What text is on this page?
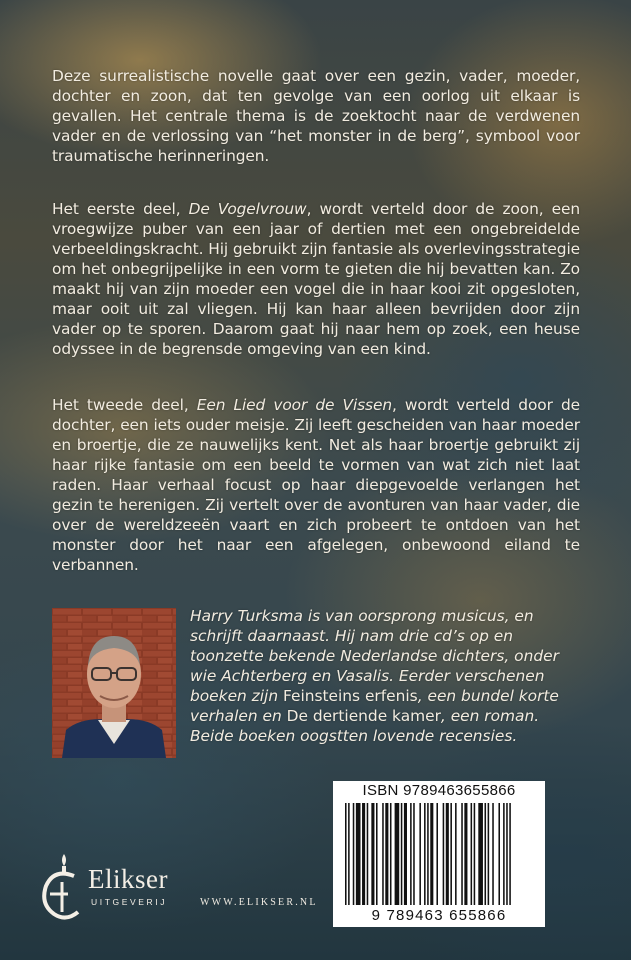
Deze surrealistische novelle gaat over een gezin, vader, moeder, dochter en zoon, dat ten gevolge van een oorlog uit elkaar is gevallen. Het centrale thema is de zoektocht naar de verdwenen vader en de verlossing van “het monster in de berg”, symbool voor traumatische herinneringen.

Het eerste deel, De Vogelvrouw, wordt verteld door de zoon, een vroegwijze puber van een jaar of dertien met een ongebreidelde verbeeldingskracht. Hij gebruikt zijn fantasie als overlevingsstrategie om het onbegrijpelijke in een vorm te gieten die hij bevatten kan. Zo maakt hij van zijn moeder een vogel die in haar kooi zit opgesloten, maar ooit uit zal vliegen. Hij kan haar alleen bevrijden door zijn vader op te sporen. Daarom gaat hij naar hem op zoek, een heuse odyssee in de begrensde omgeving van een kind.

Het tweede deel, Een Lied voor de Vissen, wordt verteld door de dochter, een iets ouder meisje. Zij leeft gescheiden van haar moeder en broertje, die ze nauwelijks kent. Net als haar broertje gebruikt zij haar rijke fantasie om een beeld te vormen van wat zich niet laat raden. Haar verhaal focust op haar diepgevoelde verlangen het gezin te herenigen. Zij vertelt over de avonturen van haar vader, die over de wereldzeeën vaart en zich probeert te ontdoen van het monster door het naar een afgelegen, onbewoond eiland te verbannen.

Harry Turksma is van oorsprong musicus, en schrijft daarnaast. Hij nam drie cd’s op en toonzette bekende Nederlandse dichters, onder wie Achterberg en Vasalis. Eerder verschenen boeken zijn Feinsteins erfenis, een bundel korte verhalen en De dertiende kamer, een roman. Beide boeken oogstten lovende recensies.

Elikser
UITGEVERIJ	WWW.ELIKSER.NL
ISBN 9789463655866
9 789463 655866
